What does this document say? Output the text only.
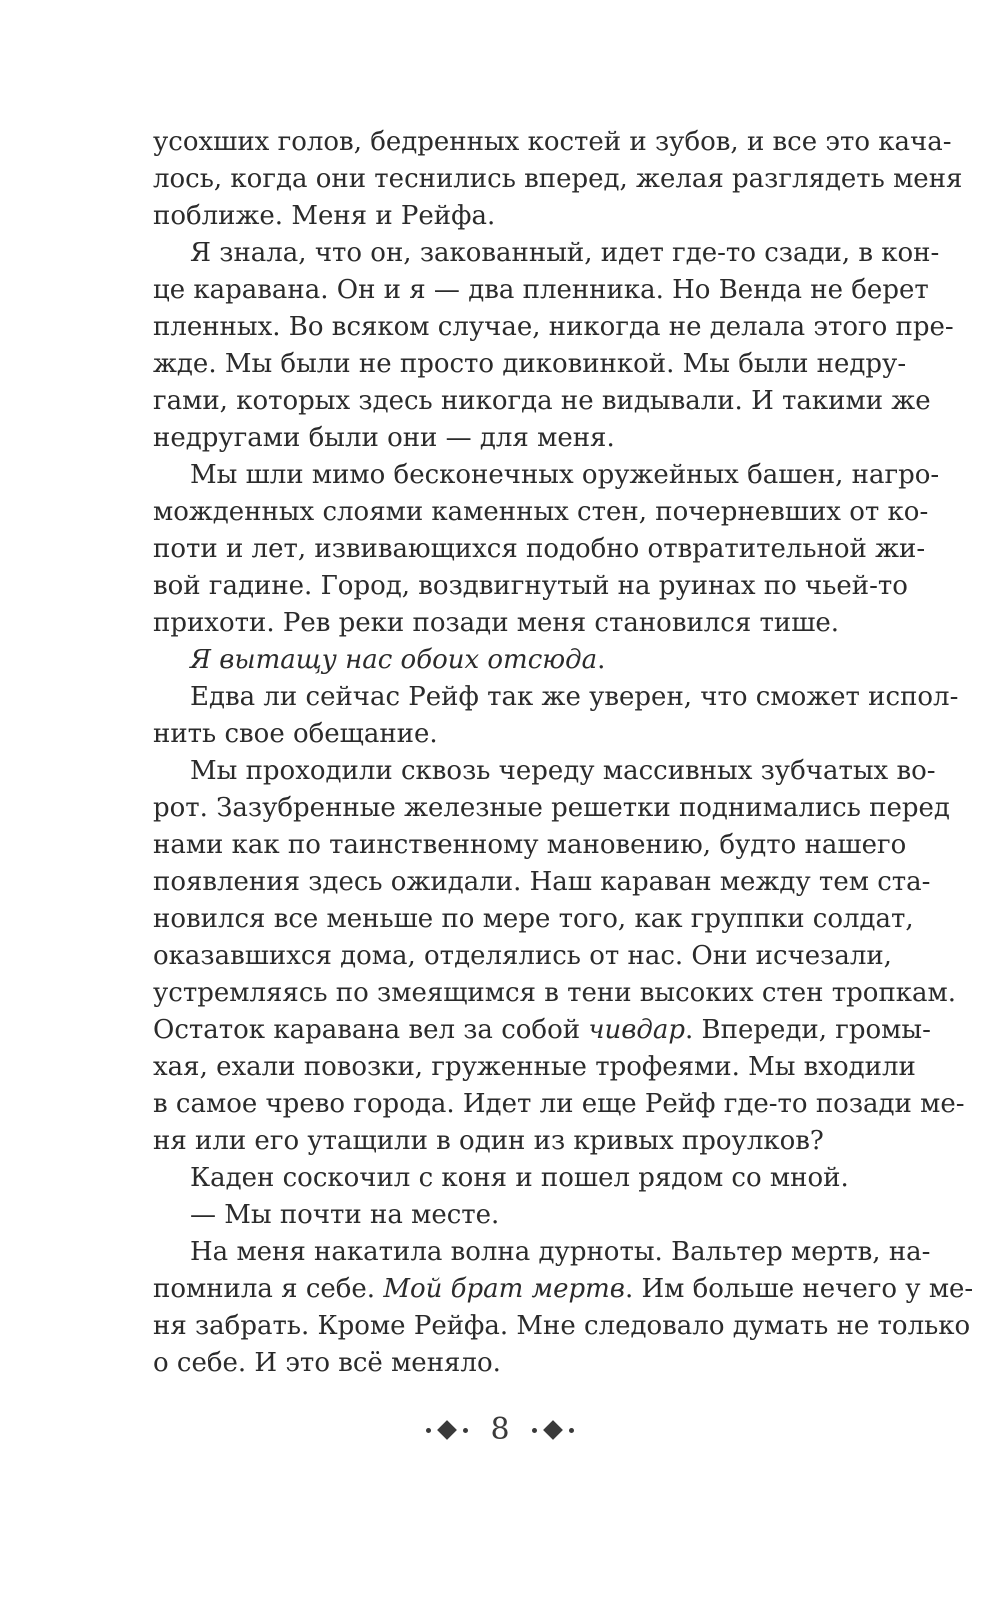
усохших голов, бедренных костей и зубов, и все это кача-
лось, когда они теснились вперед, желая разглядеть меня
поближе. Меня и Рейфа.
Я знала, что он, закованный, идет где-то сзади, в кон-
це каравана. Он и я — два пленника. Но Венда не берет
пленных. Во всяком случае, никогда не делала этого пре-
жде. Мы были не просто диковинкой. Мы были недру-
гами, которых здесь никогда не видывали. И такими же
недругами были они — для меня.
Мы шли мимо бесконечных оружейных башен, нагро-
можденных слоями каменных стен, почерневших от ко-
поти и лет, извивающихся подобно отвратительной жи-
вой гадине. Город, воздвигнутый на руинах по чьей-то
прихоти. Рев реки позади меня становился тише.
Я вытащу нас обоих отсюда.
Едва ли сейчас Рейф так же уверен, что сможет испол-
нить свое обещание.
Мы проходили сквозь череду массивных зубчатых во-
рот. Зазубренные железные решетки поднимались перед
нами как по таинственному мановению, будто нашего
появления здесь ожидали. Наш караван между тем ста-
новился все меньше по мере того, как группки солдат,
оказавшихся дома, отделялись от нас. Они исчезали,
устремляясь по змеящимся в тени высоких стен тропкам.
Остаток каравана вел за собой чивдар. Впереди, громы-
хая, ехали повозки, груженные трофеями. Мы входили
в самое чрево города. Идет ли еще Рейф где-то позади ме-
ня или его утащили в один из кривых проулков?
Каден соскочил с коня и пошел рядом со мной.
— Мы почти на месте.
На меня накатила волна дурноты. Вальтер мертв, на-
помнила я себе. Мой брат мертв. Им больше нечего у ме-
ня забрать. Кроме Рейфа. Мне следовало думать не только
о себе. И это всё меняло.
8
